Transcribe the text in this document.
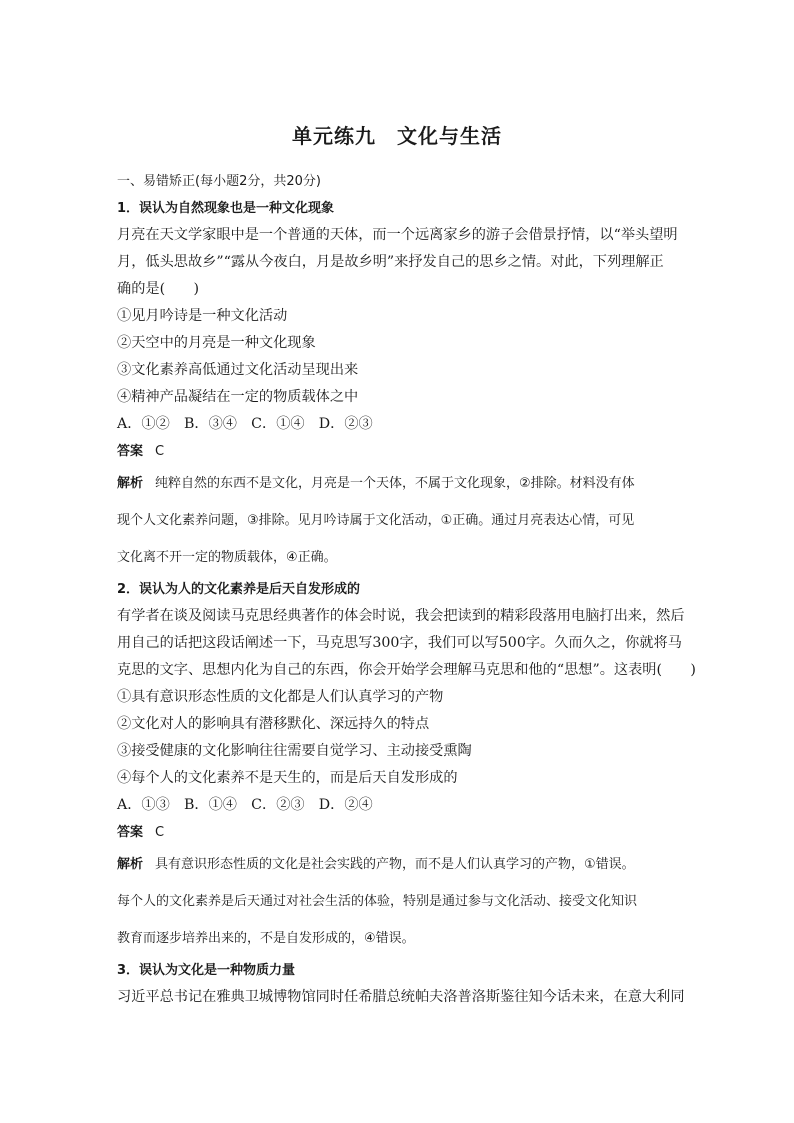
单元练九　文化与生活
一、易错矫正(每小题2分，共20分)
1．误认为自然现象也是一种文化现象
月亮在天文学家眼中是一个普通的天体，而一个远离家乡的游子会借景抒情，以“举头望明
月，低头思故乡”“露从今夜白，月是故乡明”来抒发自己的思乡之情。对此，下列理解正
确的是(　　)
①见月吟诗是一种文化活动
②天空中的月亮是一种文化现象
③文化素养高低通过文化活动呈现出来
④精神产品凝结在一定的物质载体之中
A．①②　B．③④　C．①④　D．②③
答案 C
解析 纯粹自然的东西不是文化，月亮是一个天体，不属于文化现象，②排除。材料没有体
现个人文化素养问题，③排除。见月吟诗属于文化活动，①正确。通过月亮表达心情，可见
文化离不开一定的物质载体，④正确。
2．误认为人的文化素养是后天自发形成的
有学者在谈及阅读马克思经典著作的体会时说，我会把读到的精彩段落用电脑打出来，然后
用自己的话把这段话阐述一下，马克思写300字，我们可以写500字。久而久之，你就将马
克思的文字、思想内化为自己的东西，你会开始学会理解马克思和他的“思想”。这表明(　　)
①具有意识形态性质的文化都是人们认真学习的产物
②文化对人的影响具有潜移默化、深远持久的特点
③接受健康的文化影响往往需要自觉学习、主动接受熏陶
④每个人的文化素养不是天生的，而是后天自发形成的
A．①③　B．①④　C．②③　D．②④
答案 C
解析 具有意识形态性质的文化是社会实践的产物，而不是人们认真学习的产物，①错误。
每个人的文化素养是后天通过对社会生活的体验，特别是通过参与文化活动、接受文化知识
教育而逐步培养出来的，不是自发形成的，④错误。
3．误认为文化是一种物质力量
习近平总书记在雅典卫城博物馆同时任希腊总统帕夫洛普洛斯鉴往知今话未来，在意大利同
